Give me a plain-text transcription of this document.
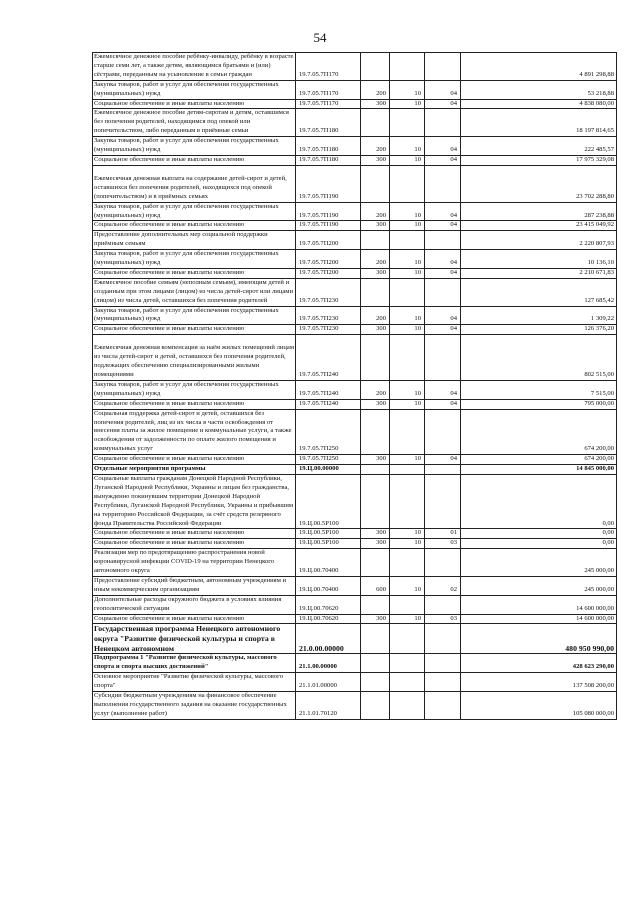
54
Ежемесячное денежное пособие ребёнку-инвалиду, ребёнку в возрасте старше семи лет, а также детям, являющимся братьями и (или) сёстрами, переданным на усыновление в семьи граждан	19.7.05.7П170				4 891 298,88
Закупка товаров, работ и услуг для обеспечения государственных (муниципальных) нужд	19.7.05.7П170	200	10	04	53 218,88
Социальное обеспечение и иные выплаты населению	19.7.05.7П170	300	10	04	4 838 080,00
Ежемесячное денежное пособие детям-сиротам и детям, оставшимся без попечения родителей, находящимся под опекой или попечительством, либо переданным в приёмные семьи	19.7.05.7П180				18 197 814,65
Закупка товаров, работ и услуг для обеспечения государственных (муниципальных) нужд	19.7.05.7П180	200	10	04	222 485,57
Социальное обеспечение и иные выплаты населению	19.7.05.7П180	300	10	04	17 975 329,08
Ежемесячная денежная выплата на содержание детей-сирот и детей, оставшихся без попечения родителей, находящихся под опекой (попечительством) и в приёмных семьях	19.7.05.7П190				23 702 288,80
Закупка товаров, работ и услуг для обеспечения государственных (муниципальных) нужд	19.7.05.7П190	200	10	04	287 238,88
Социальное обеспечение и иные выплаты населению	19.7.05.7П190	300	10	04	23 415 049,92
Предоставление дополнительных мер социальной поддержки приёмным семьям	19.7.05.7П200				2 220 807,93
Закупка товаров, работ и услуг для обеспечения государственных (муниципальных) нужд	19.7.05.7П200	200	10	04	10 136,10
Социальное обеспечение и иные выплаты населению	19.7.05.7П200	300	10	04	2 210 671,83
Ежемесячное пособие семьям (неполным семьям), имеющим детей и созданным при этом лицами (лицом) из числа детей-сирот или лицами (лицом) из числа детей, оставшихся без попечения родителей	19.7.05.7П230				127 685,42
Закупка товаров, работ и услуг для обеспечения государственных (муниципальных) нужд	19.7.05.7П230	200	10	04	1 309,22
Социальное обеспечение и иные выплаты населению	19.7.05.7П230	300	10	04	126 376,20
Ежемесячная денежная компенсация за наём жилых помещений лицам из числа детей-сирот и детей, оставшихся без попечения родителей, подлежащих обеспечению специализированными жилыми помещениями	19.7.05.7П240				802 515,00
Закупка товаров, работ и услуг для обеспечения государственных (муниципальных) нужд	19.7.05.7П240	200	10	04	7 515,00
Социальное обеспечение и иные выплаты населению	19.7.05.7П240	300	10	04	795 000,00
Социальная поддержка детей-сирот и детей, оставшихся без попечения родителей, лиц из их числа в части освобождения от внесения платы за жилое помещение и коммунальные услуги, а также освобождения от задолженности по оплате жилого помещения и коммунальных услуг	19.7.05.7П250				674 200,00
Социальное обеспечение и иные выплаты населению	19.7.05.7П250	300	10	04	674 200,00
Отдельные мероприятия программы	19.Ц.00.00000				14 845 000,00
Социальные выплаты гражданам Донецкой Народной Республики, Луганской Народной Республики, Украины и лицам без гражданства, вынужденно покинувшим территории Донецкой Народной Республики, Луганской Народной Республики, Украины и прибывшим на территорию Российской Федерации, за счёт средств резервного фонда Правительства Российской Федерации	19.Ц.00.5Р100				0,00
Социальное обеспечение и иные выплаты населению	19.Ц.00.5Р100	300	10	01	0,00
Социальное обеспечение и иные выплаты населению	19.Ц.00.5Р100	300	10	03	0,00
Реализация мер по предотвращению распространения новой коронавирусной инфекции COVID-19 на территории Ненецкого автономного округа	19.Ц.00.70400				245 000,00
Предоставление субсидий бюджетным, автономным учреждениям и иным некоммерческим организациям	19.Ц.00.70400	600	10	02	245 000,00
Дополнительные расходы окружного бюджета в условиях влияния геополитической ситуации	19.Ц.00.70620				14 600 000,00
Социальное обеспечение и иные выплаты населению	19.Ц.00.70620	300	10	03	14 600 000,00
Государственная программа Ненецкого автономного округа "Развитие физической культуры и спорта в Ненецком автономном	21.0.00.00000				480 950 990,00
Подпрограмма 1 "Развитие физической культуры, массового спорта и спорта высших достижений"	21.1.00.00000				428 623 290,00
Основное мероприятие "Развитие физической культуры, массового спорта"	21.1.01.00000				137 508 200,00
Субсидии бюджетным учреждениям на финансовое обеспечение выполнения государственного задания на оказание государственных услуг (выполнение работ)	21.1.01.70120				105 080 000,00
